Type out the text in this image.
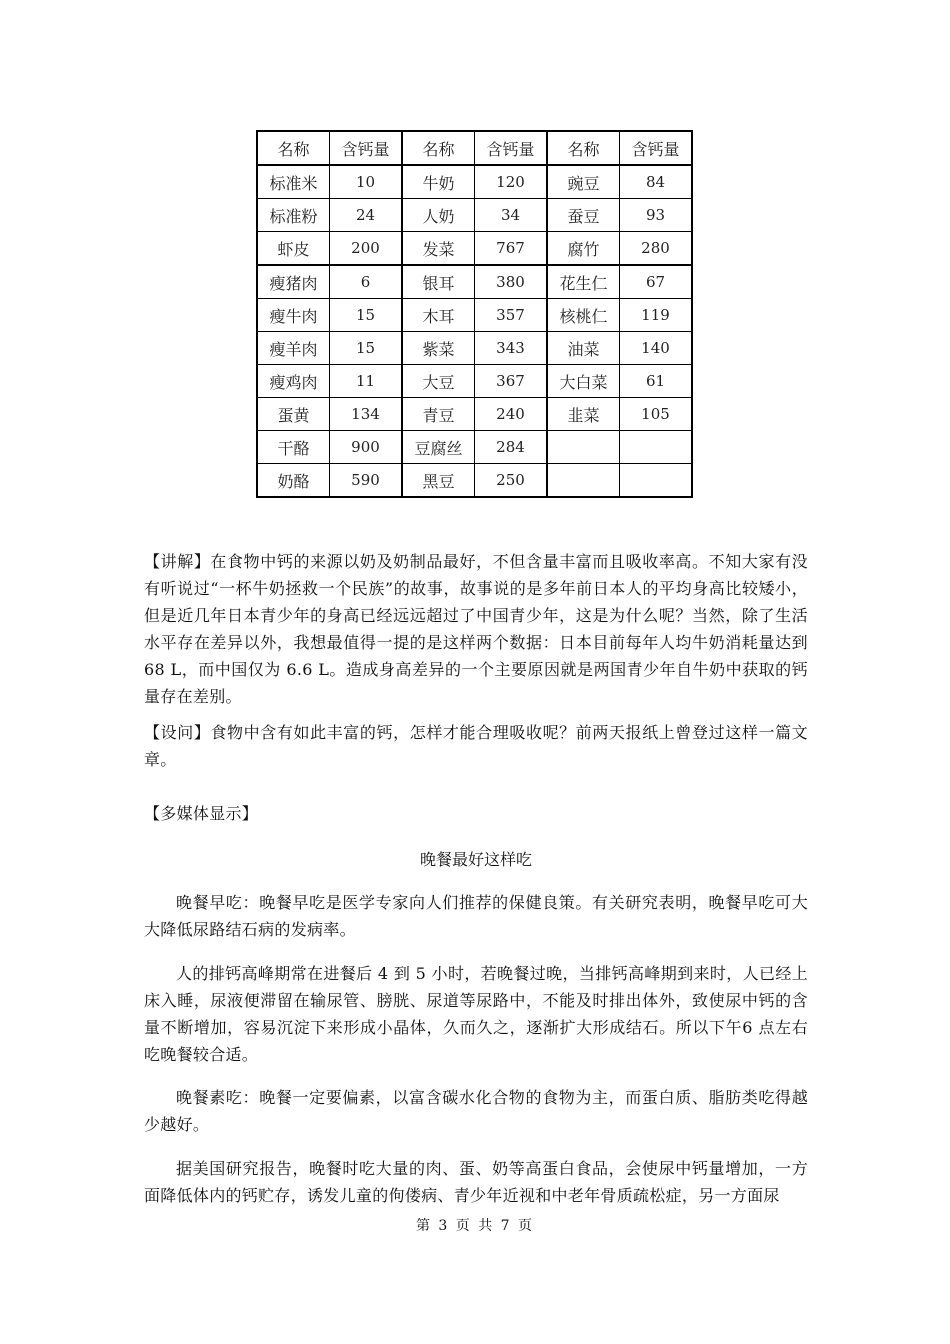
名称	含钙量	名称	含钙量	名称	含钙量
标准米	10	牛奶	120	豌豆	84
标准粉	24	人奶	34	蚕豆	93
虾皮	200	发菜	767	腐竹	280
瘦猪肉	6	银耳	380	花生仁	67
瘦牛肉	15	木耳	357	核桃仁	119
瘦羊肉	15	紫菜	343	油菜	140
瘦鸡肉	11	大豆	367	大白菜	61
蛋黄	134	青豆	240	韭菜	105
干酪	900	豆腐丝	284		
奶酪	590	黑豆	250		

【讲解】在食物中钙的来源以奶及奶制品最好，不但含量丰富而且吸收率高。不知大家有没有听说过“一杯牛奶拯救一个民族”的故事，故事说的是多年前日本人的平均身高比较矮小，但是近几年日本青少年的身高已经远远超过了中国青少年，这是为什么呢？当然，除了生活水平存在差异以外，我想最值得一提的是这样两个数据：日本目前每年人均牛奶消耗量达到 68 L，而中国仅为 6.6 L。造成身高差异的一个主要原因就是两国青少年自牛奶中获取的钙量存在差别。

【设问】食物中含有如此丰富的钙，怎样才能合理吸收呢？前两天报纸上曾登过这样一篇文章。

【多媒体显示】

晚餐最好这样吃

晚餐早吃：晚餐早吃是医学专家向人们推荐的保健良策。有关研究表明，晚餐早吃可大大降低尿路结石病的发病率。

人的排钙高峰期常在进餐后 4 到 5 小时，若晚餐过晚，当排钙高峰期到来时，人已经上床入睡，尿液便滞留在输尿管、膀胱、尿道等尿路中，不能及时排出体外，致使尿中钙的含量不断增加，容易沉淀下来形成小晶体，久而久之，逐渐扩大形成结石。所以下午6 点左右吃晚餐较合适。

晚餐素吃：晚餐一定要偏素，以富含碳水化合物的食物为主，而蛋白质、脂肪类吃得越少越好。

据美国研究报告，晚餐时吃大量的肉、蛋、奶等高蛋白食品，会使尿中钙量增加，一方面降低体内的钙贮存，诱发儿童的佝偻病、青少年近视和中老年骨质疏松症，另一方面尿

第 3 页 共 7 页
